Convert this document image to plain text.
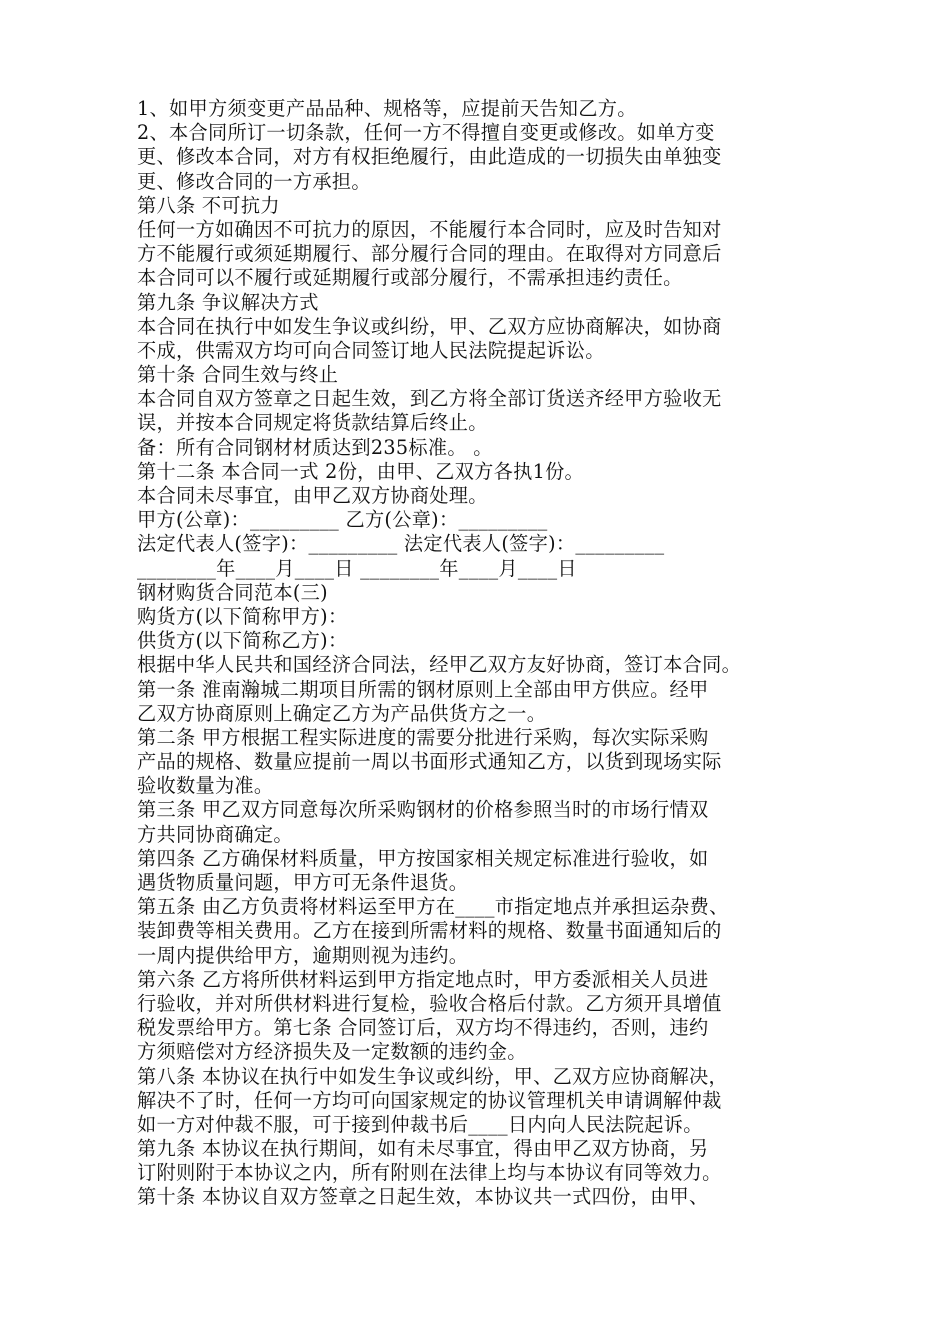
1、如甲方须变更产品品种、规格等，应提前天告知乙方。
2、本合同所订一切条款，任何一方不得擅自变更或修改。如单方变
更、修改本合同，对方有权拒绝履行，由此造成的一切损失由单独变
更、修改合同的一方承担。
第八条 不可抗力
任何一方如确因不可抗力的原因，不能履行本合同时，应及时告知对
方不能履行或须延期履行、部分履行合同的理由。在取得对方同意后
本合同可以不履行或延期履行或部分履行，不需承担违约责任。
第九条 争议解决方式
本合同在执行中如发生争议或纠纷，甲、乙双方应协商解决，如协商
不成，供需双方均可向合同签订地人民法院提起诉讼。
第十条 合同生效与终止
本合同自双方签章之日起生效，到乙方将全部订货送齐经甲方验收无
误，并按本合同规定将货款结算后终止。
备：所有合同钢材材质达到235标准。 。
第十二条 本合同一式 2份，由甲、乙双方各执1份。
本合同未尽事宜，由甲乙双方协商处理。
甲方(公章)：_________ 乙方(公章)：_________
法定代表人(签字)：_________ 法定代表人(签字)：_________
________年____月____日 ________年____月____日
钢材购货合同范本(三)
购货方(以下简称甲方)：
供货方(以下简称乙方)：
根据中华人民共和国经济合同法，经甲乙双方友好协商，签订本合同。
第一条 淮南瀚城二期项目所需的钢材原则上全部由甲方供应。经甲
乙双方协商原则上确定乙方为产品供货方之一。
第二条 甲方根据工程实际进度的需要分批进行采购，每次实际采购
产品的规格、数量应提前一周以书面形式通知乙方，以货到现场实际
验收数量为准。
第三条 甲乙双方同意每次所采购钢材的价格参照当时的市场行情双
方共同协商确定。
第四条 乙方确保材料质量，甲方按国家相关规定标准进行验收，如
遇货物质量问题，甲方可无条件退货。
第五条 由乙方负责将材料运至甲方在____市指定地点并承担运杂费、
装卸费等相关费用。乙方在接到所需材料的规格、数量书面通知后的
一周内提供给甲方，逾期则视为违约。
第六条 乙方将所供材料运到甲方指定地点时，甲方委派相关人员进
行验收，并对所供材料进行复检，验收合格后付款。乙方须开具增值
税发票给甲方。第七条 合同签订后，双方均不得违约，否则，违约
方须赔偿对方经济损失及一定数额的违约金。
第八条 本协议在执行中如发生争议或纠纷，甲、乙双方应协商解决，
解决不了时，任何一方均可向国家规定的协议管理机关申请调解仲裁
如一方对仲裁不服，可于接到仲裁书后____日内向人民法院起诉。
第九条 本协议在执行期间，如有未尽事宜，得由甲乙双方协商，另
订附则附于本协议之内，所有附则在法律上均与本协议有同等效力。
第十条 本协议自双方签章之日起生效，本协议共一式四份，由甲、
